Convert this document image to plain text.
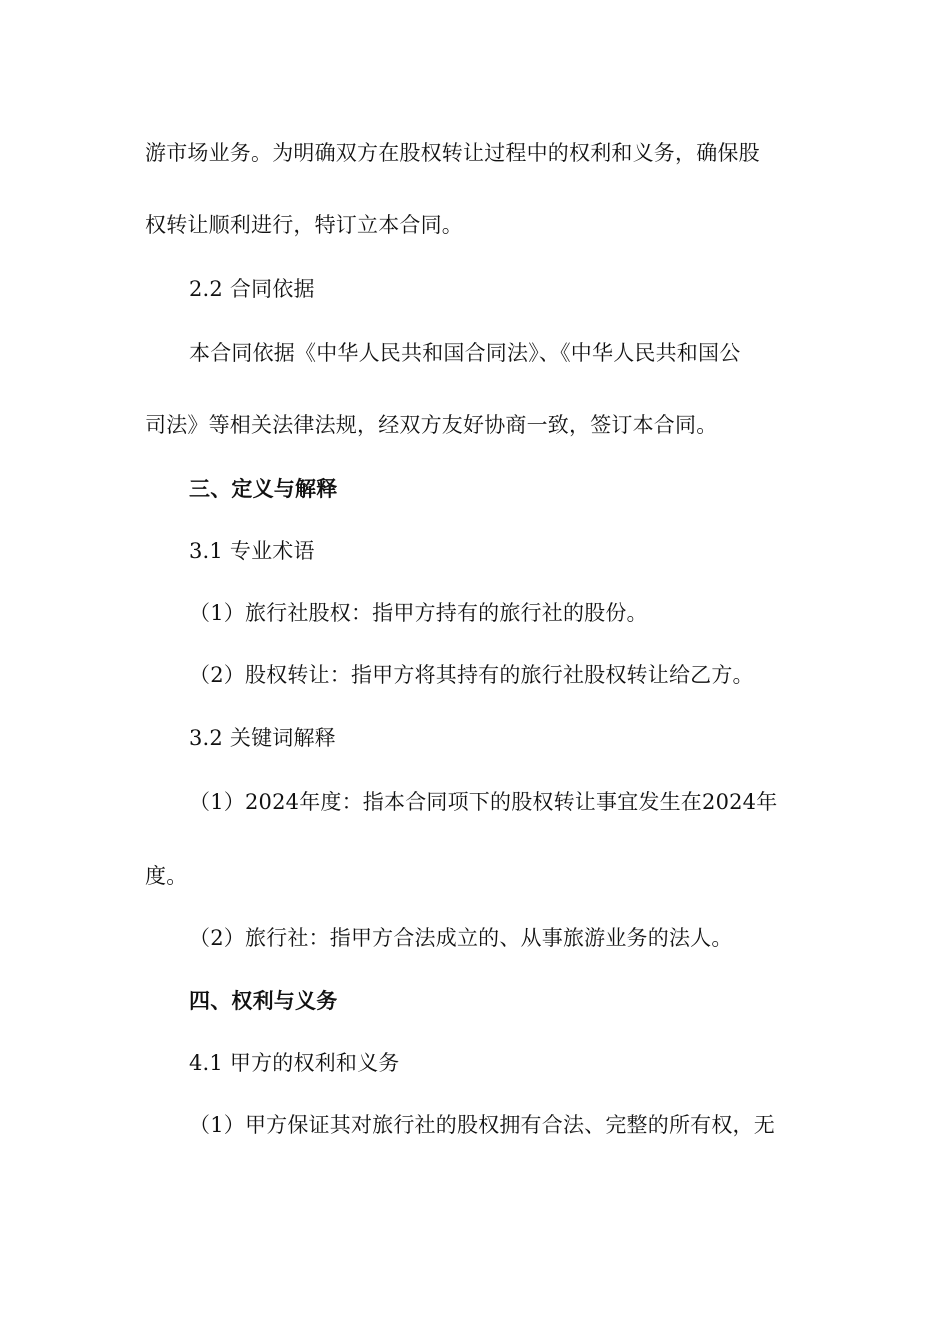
游市场业务。为明确双方在股权转让过程中的权利和义务，确保股
权转让顺利进行，特订立本合同。
2.2 合同依据
本合同依据《中华人民共和国合同法》、《中华人民共和国公
司法》等相关法律法规，经双方友好协商一致，签订本合同。
三、定义与解释
3.1 专业术语
（1）旅行社股权：指甲方持有的旅行社的股份。
（2）股权转让：指甲方将其持有的旅行社股权转让给乙方。
3.2 关键词解释
（1）2024年度：指本合同项下的股权转让事宜发生在2024年
度。
（2）旅行社：指甲方合法成立的、从事旅游业务的法人。
四、权利与义务
4.1 甲方的权利和义务
（1）甲方保证其对旅行社的股权拥有合法、完整的所有权，无
